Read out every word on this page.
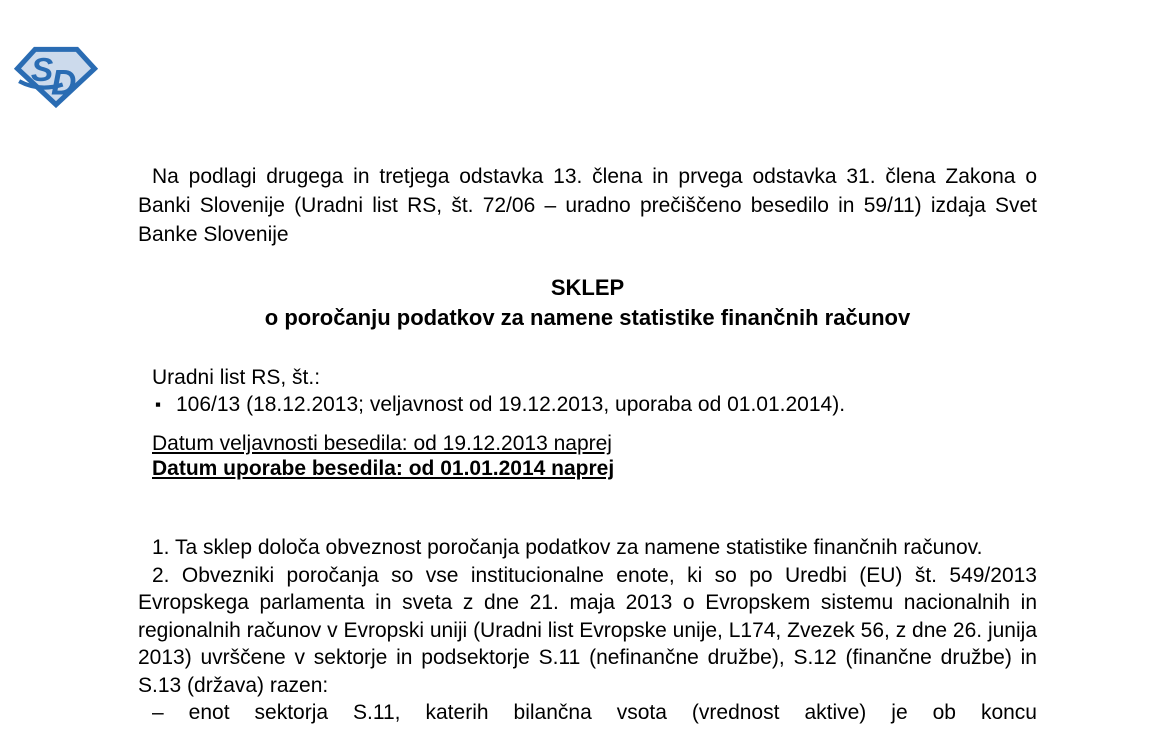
S
D

Na podlagi drugega in tretjega odstavka 13. člena in prvega odstavka 31. člena Zakona o Banki Slovenije (Uradni list RS, št. 72/06 – uradno prečiščeno besedilo in 59/11) izdaja Svet Banke Slovenije

SKLEP
o poročanju podatkov za namene statistike finančnih računov

Uradni list RS, št.:

▪ 106/13 (18.12.2013; veljavnost od 19.12.2013, uporaba od 01.01.2014).

Datum veljavnosti besedila: od 19.12.2013 naprej

Datum uporabe besedila: od 01.01.2014 naprej

1. Ta sklep določa obveznost poročanja podatkov za namene statistike finančnih računov.

2. Obvezniki poročanja so vse institucionalne enote, ki so po Uredbi (EU) št. 549/2013 Evropskega parlamenta in sveta z dne 21. maja 2013 o Evropskem sistemu nacionalnih in regionalnih računov v Evropski uniji (Uradni list Evropske unije, L174, Zvezek 56, z dne 26. junija 2013) uvrščene v sektorje in podsektorje S.11 (nefinančne družbe), S.12 (finančne družbe) in S.13 (država) razen:

– enot sektorja S.11, katerih bilančna vsota (vrednost aktive) je ob koncu
